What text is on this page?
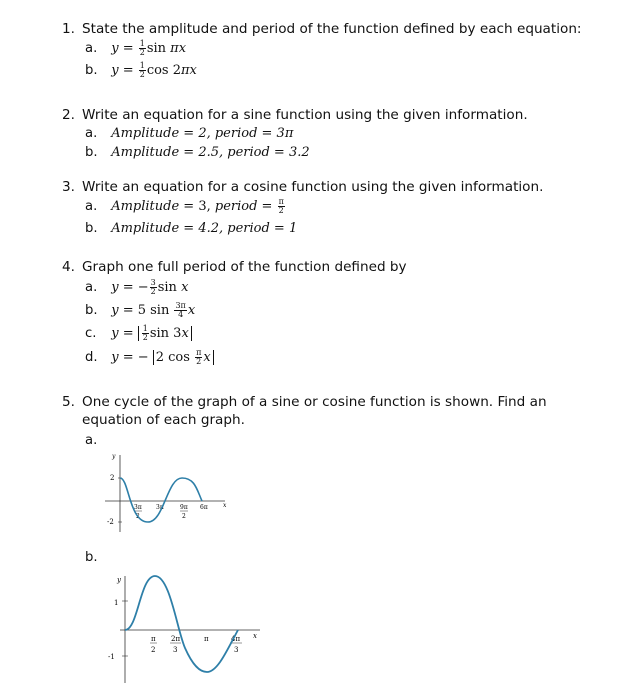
1. State the amplitude and period of the function defined by each equation:
a. $y = \frac{1}{2}$ sin πx
b. $y = \frac{1}{2}$ cos 2πx
2. Write an equation for a sine function using the given information.
a. Amplitude = 2, period = 3π
b. Amplitude = 2.5, period = 3.2
3. Write an equation for a cosine function using the given information.
a. Amplitude = 3, period = $\frac{\pi}{2}$
b. Amplitude = 4.2, period = 1
4. Graph one full period of the function defined by
a. y = − $\frac{3}{2}$ sin x
b. y = 5 $\sin \frac{3\pi}{4}$ x
c. $y = \frac{1}{2}$ sin 3x
d. y = − 2 $\cos \frac{\pi}{2}$ x
5. One cycle of the graph of a sine or cosine function is shown. Find an equation of each graph.
a.
y
x
2
-2
3π
2
3π	9π
2
6π
b.
y
x
1
-1
π
2
2π
3
π	4π
3
